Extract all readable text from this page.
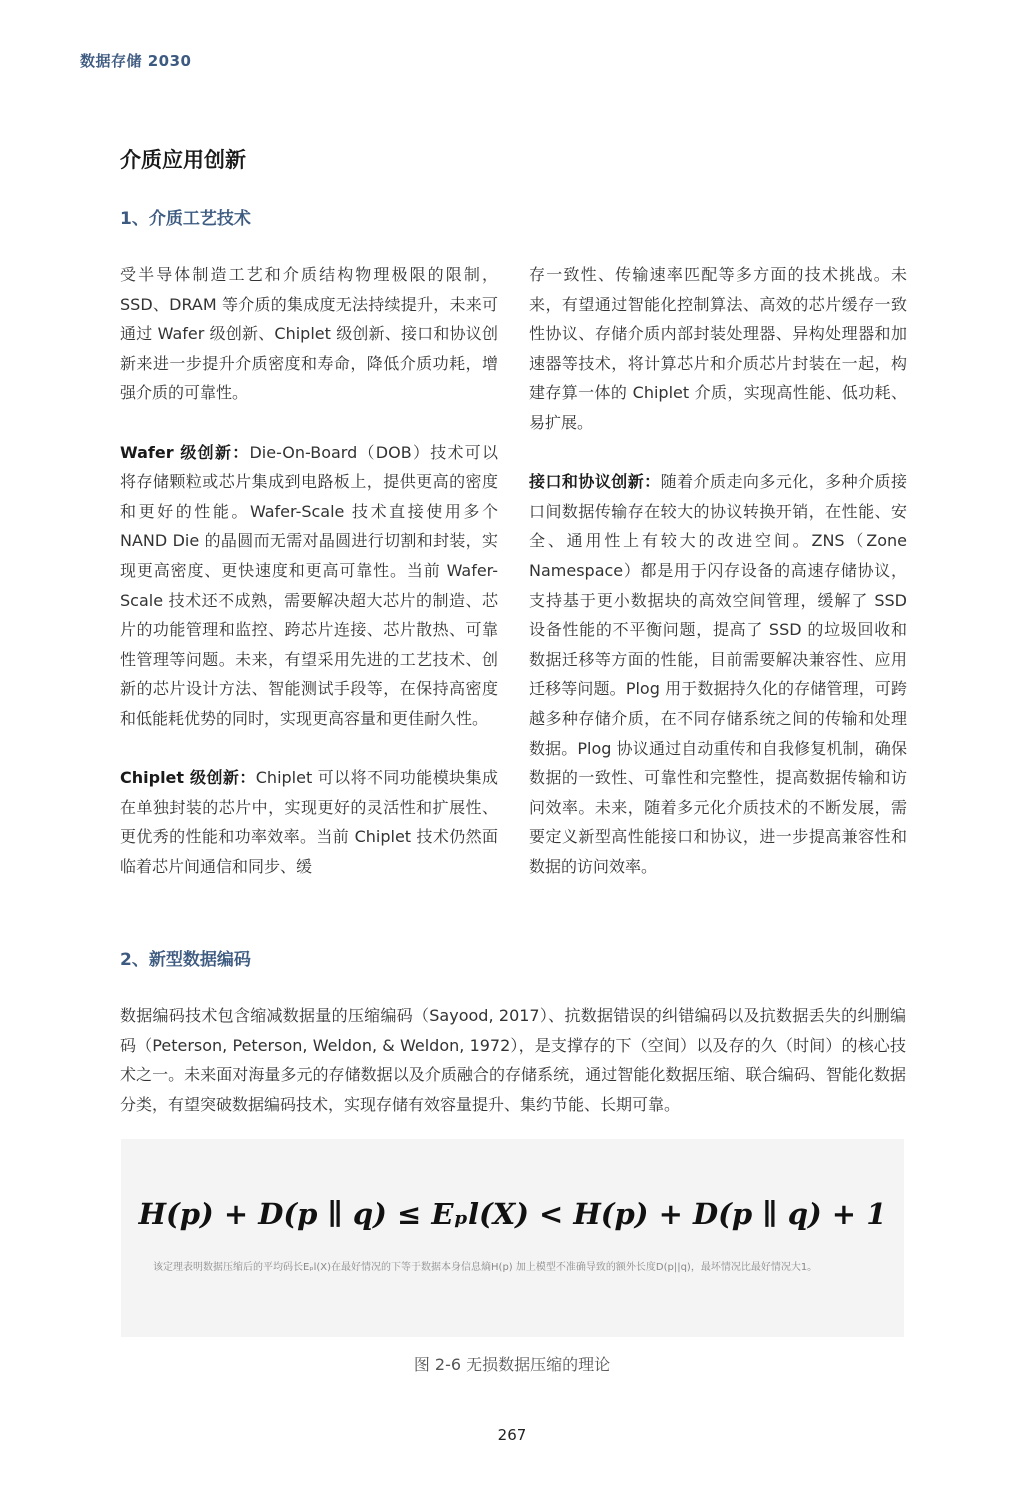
数据存储 2030
介质应用创新
1、介质工艺技术

受半导体制造工艺和介质结构物理极限的限制，SSD、DRAM 等介质的集成度无法持续提升，未来可通过 Wafer 级创新、Chiplet 级创新、接口和协议创新来进一步提升介质密度和寿命，降低介质功耗，增强介质的可靠性。

Wafer 级创新：Die-On-Board（DOB）技术可以将存储颗粒或芯片集成到电路板上，提供更高的密度和更好的性能。Wafer-Scale 技术直接使用多个 NAND Die 的晶圆而无需对晶圆进行切割和封装，实现更高密度、更快速度和更高可靠性。当前 Wafer-Scale 技术还不成熟，需要解决超大芯片的制造、芯片的功能管理和监控、跨芯片连接、芯片散热、可靠性管理等问题。未来，有望采用先进的工艺技术、创新的芯片设计方法、智能测试手段等，在保持高密度和低能耗优势的同时，实现更高容量和更佳耐久性。

Chiplet 级创新：Chiplet 可以将不同功能模块集成在单独封装的芯片中，实现更好的灵活性和扩展性、更优秀的性能和功率效率。当前 Chiplet 技术仍然面临着芯片间通信和同步、缓

存一致性、传输速率匹配等多方面的技术挑战。未来，有望通过智能化控制算法、高效的芯片缓存一致性协议、存储介质内部封装处理器、异构处理器和加速器等技术，将计算芯片和介质芯片封装在一起，构建存算一体的 Chiplet 介质，实现高性能、低功耗、易扩展。

接口和协议创新：随着介质走向多元化，多种介质接口间数据传输存在较大的协议转换开销，在性能、安全、通用性上有较大的改进空间。ZNS（Zone Namespace）都是用于闪存设备的高速存储协议，支持基于更小数据块的高效空间管理，缓解了 SSD 设备性能的不平衡问题，提高了 SSD 的垃圾回收和数据迁移等方面的性能，目前需要解决兼容性、应用迁移等问题。Plog 用于数据持久化的存储管理，可跨越多种存储介质，在不同存储系统之间的传输和处理数据。Plog 协议通过自动重传和自我修复机制，确保数据的一致性、可靠性和完整性，提高数据传输和访问效率。未来，随着多元化介质技术的不断发展，需要定义新型高性能接口和协议，进一步提高兼容性和数据的访问效率。

2、新型数据编码

数据编码技术包含缩减数据量的压缩编码（Sayood, 2017）、抗数据错误的纠错编码以及抗数据丢失的纠删编码（Peterson, Peterson, Weldon, & Weldon, 1972），是支撑存的下（空间）以及存的久（时间）的核心技术之一。未来面对海量多元的存储数据以及介质融合的存储系统，通过智能化数据压缩、联合编码、智能化数据分类，有望突破数据编码技术，实现存储有效容量提升、集约节能、长期可靠。

H(p) + D(p ∥ q) ≤ Eₚl(X) < H(p) + D(p ∥ q) + 1
该定理表明数据压缩后的平均码长Eₚl(X)在最好情况的下等于数据本身信息熵H(p) 加上模型不准确导致的额外长度D(p||q)，最坏情况比最好情况大1。
图 2-6 无损数据压缩的理论
267
